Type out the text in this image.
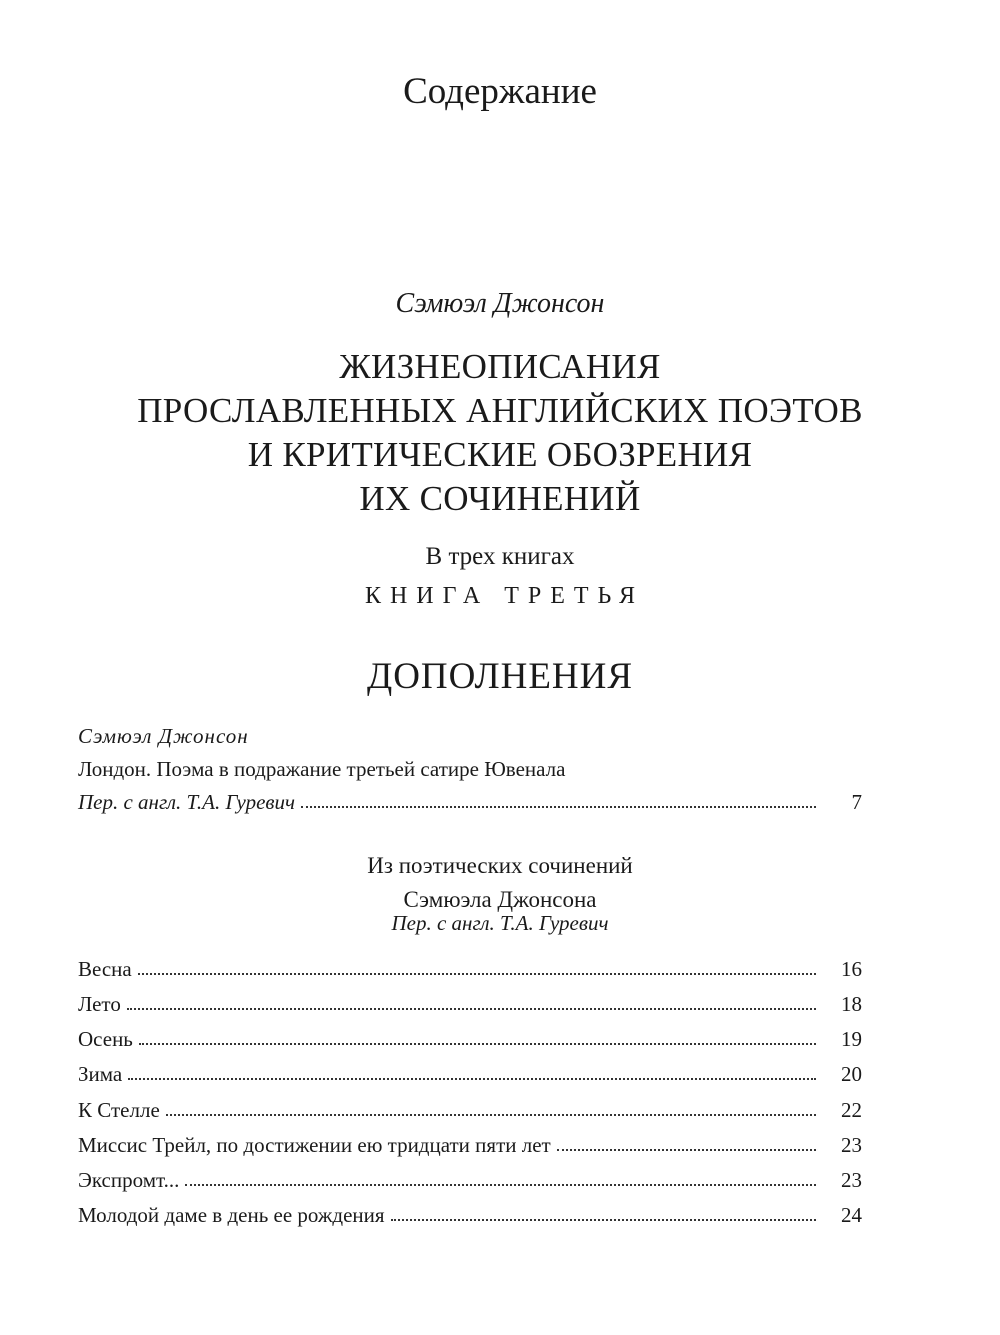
Содержание
Сэмюэл Джонсон
ЖИЗНЕОПИСАНИЯ
ПРОСЛАВЛЕННЫХ АНГЛИЙСКИХ ПОЭТОВ
И КРИТИЧЕСКИЕ ОБОЗРЕНИЯ
ИХ СОЧИНЕНИЙ
В трех книгах
КНИГА ТРЕТЬЯ
ДОПОЛНЕНИЯ
Сэмюэл Джонсон
Лондон. Поэма в подражание третьей сатире Ювенала
Пер. с англ. Т.А. Гуревич	7
Из поэтических сочинений
Сэмюэла Джонсона
Пер. с англ. Т.А. Гуревич
Весна	16
Лето	18
Осень	19
Зима	20
К Стелле	22
Миссис Трейл, по достижении ею тридцати пяти лет	23
Экспромт...	23
Молодой даме в день ее рождения	24
